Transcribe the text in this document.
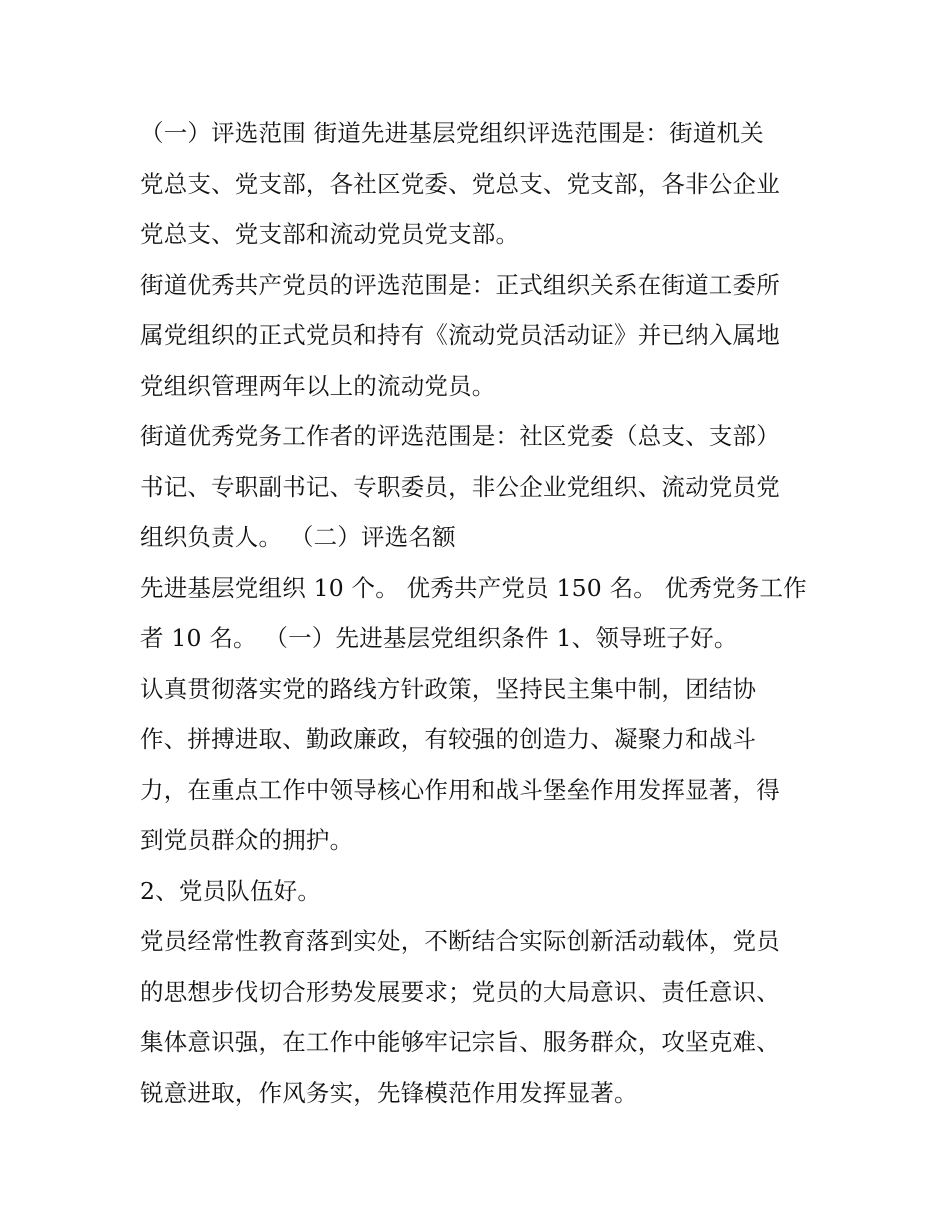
（一）评选范围 街道先进基层党组织评选范围是：街道机关
党总支、党支部，各社区党委、党总支、党支部，各非公企业
党总支、党支部和流动党员党支部。
街道优秀共产党员的评选范围是：正式组织关系在街道工委所
属党组织的正式党员和持有《流动党员活动证》并已纳入属地
党组织管理两年以上的流动党员。
街道优秀党务工作者的评选范围是：社区党委（总支、支部）
书记、专职副书记、专职委员，非公企业党组织、流动党员党
组织负责人。 （二）评选名额
先进基层党组织 10 个。 优秀共产党员 150 名。 优秀党务工作
者 10 名。 （一）先进基层党组织条件 1、领导班子好。
认真贯彻落实党的路线方针政策，坚持民主集中制，团结协
作、拼搏进取、勤政廉政，有较强的创造力、凝聚力和战斗
力，在重点工作中领导核心作用和战斗堡垒作用发挥显著，得
到党员群众的拥护。
2、党员队伍好。
党员经常性教育落到实处，不断结合实际创新活动载体，党员
的思想步伐切合形势发展要求；党员的大局意识、责任意识、
集体意识强，在工作中能够牢记宗旨、服务群众，攻坚克难、
锐意进取，作风务实，先锋模范作用发挥显著。
